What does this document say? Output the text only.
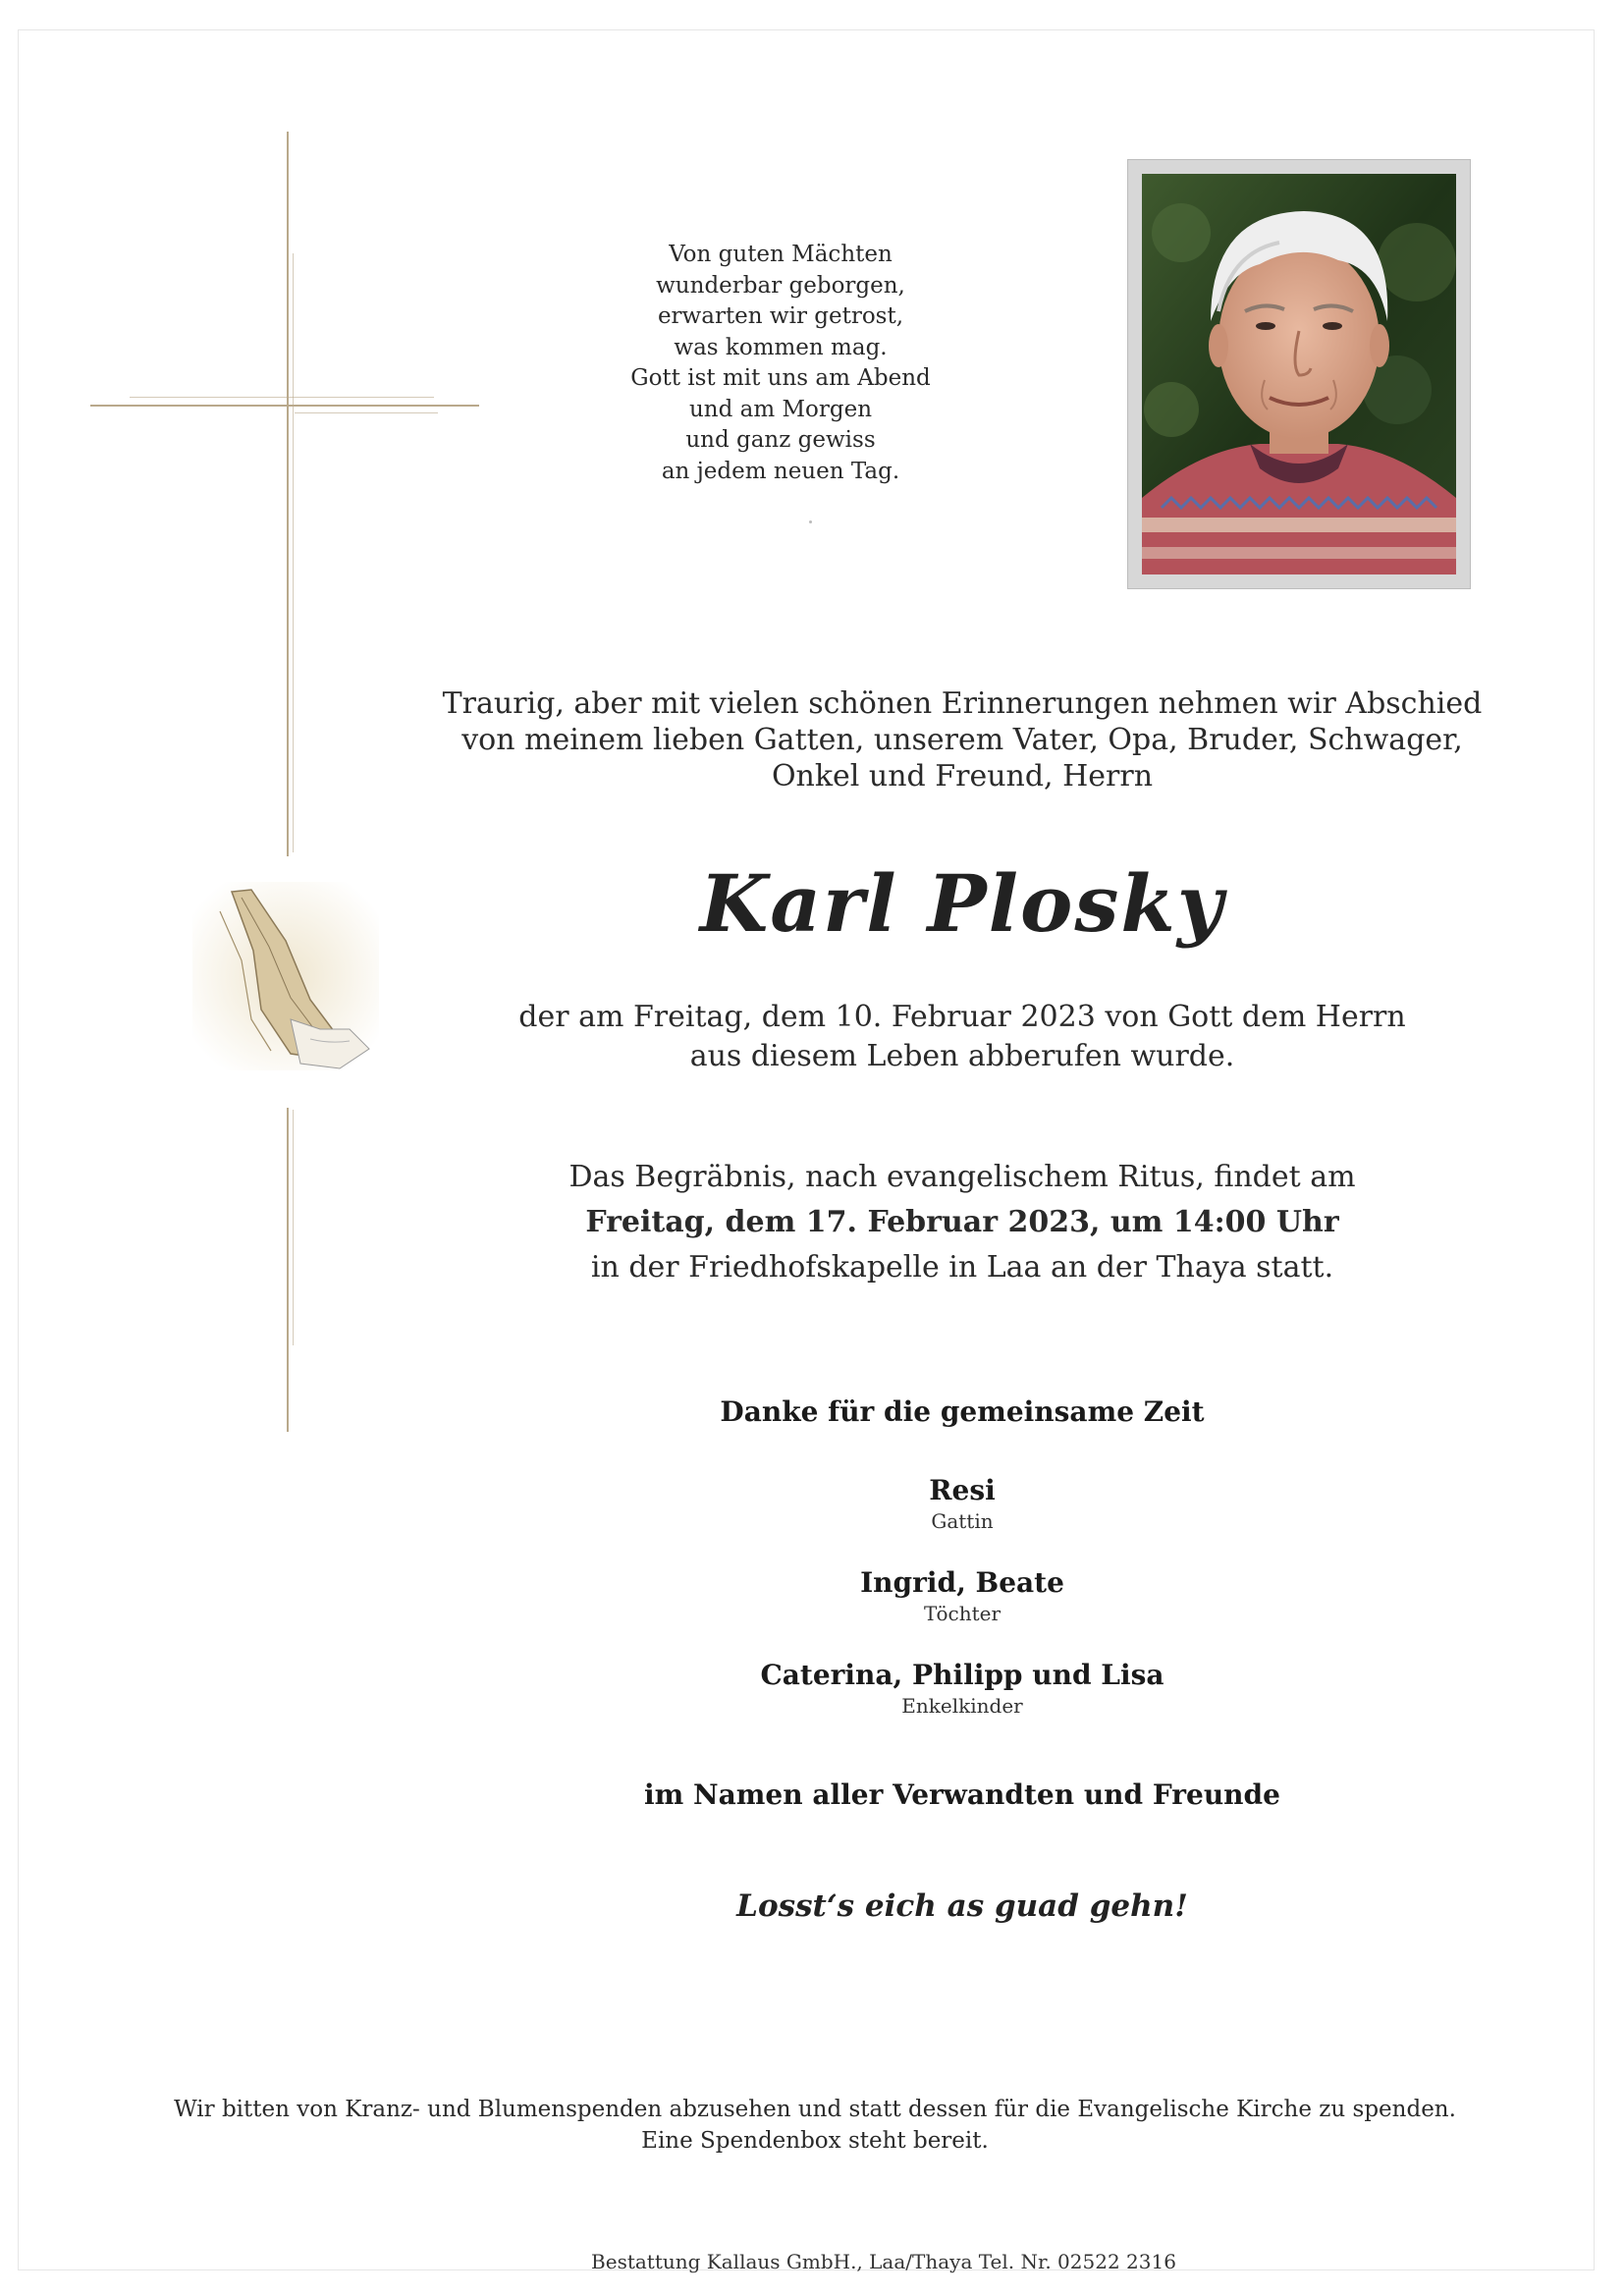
Von guten Mächten
wunderbar geborgen,
erwarten wir getrost,
was kommen mag.
Gott ist mit uns am Abend
und am Morgen
und ganz gewiss
an jedem neuen Tag.
Traurig, aber mit vielen schönen Erinnerungen nehmen wir Abschied
von meinem lieben Gatten, unserem Vater, Opa, Bruder, Schwager,
Onkel und Freund, Herrn
Karl Plosky
der am Freitag, dem 10. Februar 2023 von Gott dem Herrn
aus diesem Leben abberufen wurde.
Das Begräbnis, nach evangelischem Ritus, findet am
Freitag, dem 17. Februar 2023, um 14:00 Uhr
in der Friedhofskapelle in Laa an der Thaya statt.
Danke für die gemeinsame Zeit
Resi
Gattin
Ingrid, Beate
Töchter
Caterina, Philipp und Lisa
Enkelkinder
im Namen aller Verwandten und Freunde
Losst‘s eich as guad gehn!
Wir bitten von Kranz- und Blumenspenden abzusehen und statt dessen für die Evangelische Kirche zu spenden.
Eine Spendenbox steht bereit.
Bestattung Kallaus GmbH., Laa/Thaya Tel. Nr. 02522 2316
